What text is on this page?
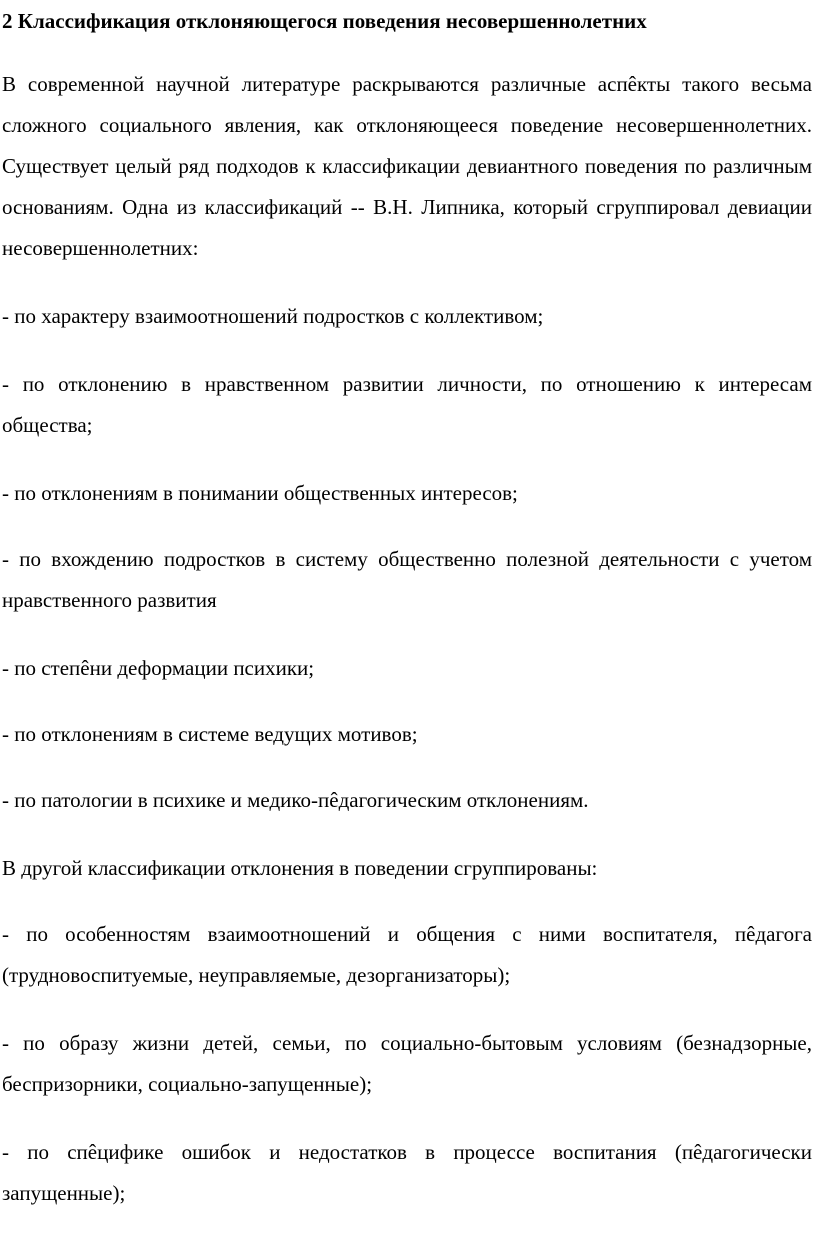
2 Классификация отклоняющегося поведения несовершеннолетних

В современной научной литературе раскрываются различные аспêкты такого весьма сложного социального явления, как отклоняющееся поведение несовершеннолетних. Существует целый ряд подходов к классификации девиантного поведения по различным основаниям. Одна из классификаций -- В.Н. Липника, который сгруппировал девиации несовершеннолетних:

- по характеру взаимоотношений подростков с коллективом;

- по отклонению в нравственном развитии личности, по отношению к интересам общества;

- по отклонениям в понимании общественных интересов;

- по вхождению подростков в систему общественно полезной деятельности с учетом нравственного развития

- по степêни деформации психики;

- по отклонениям в системе ведущих мотивов;

- по патологии в психике и медико-пêдагогическим отклонениям.

В другой классификации отклонения в поведении сгруппированы:

- по особенностям взаимоотношений и общения с ними воспитателя, пêдагога (трудновоспитуемые, неуправляемые, дезорганизаторы);

- по образу жизни детей, семьи, по социально-бытовым условиям (безнадзорные, беспризорники, социально-запущенные);

- по спêцифике ошибок и недостатков в процессе воспитания (пêдагогически запущенные);
